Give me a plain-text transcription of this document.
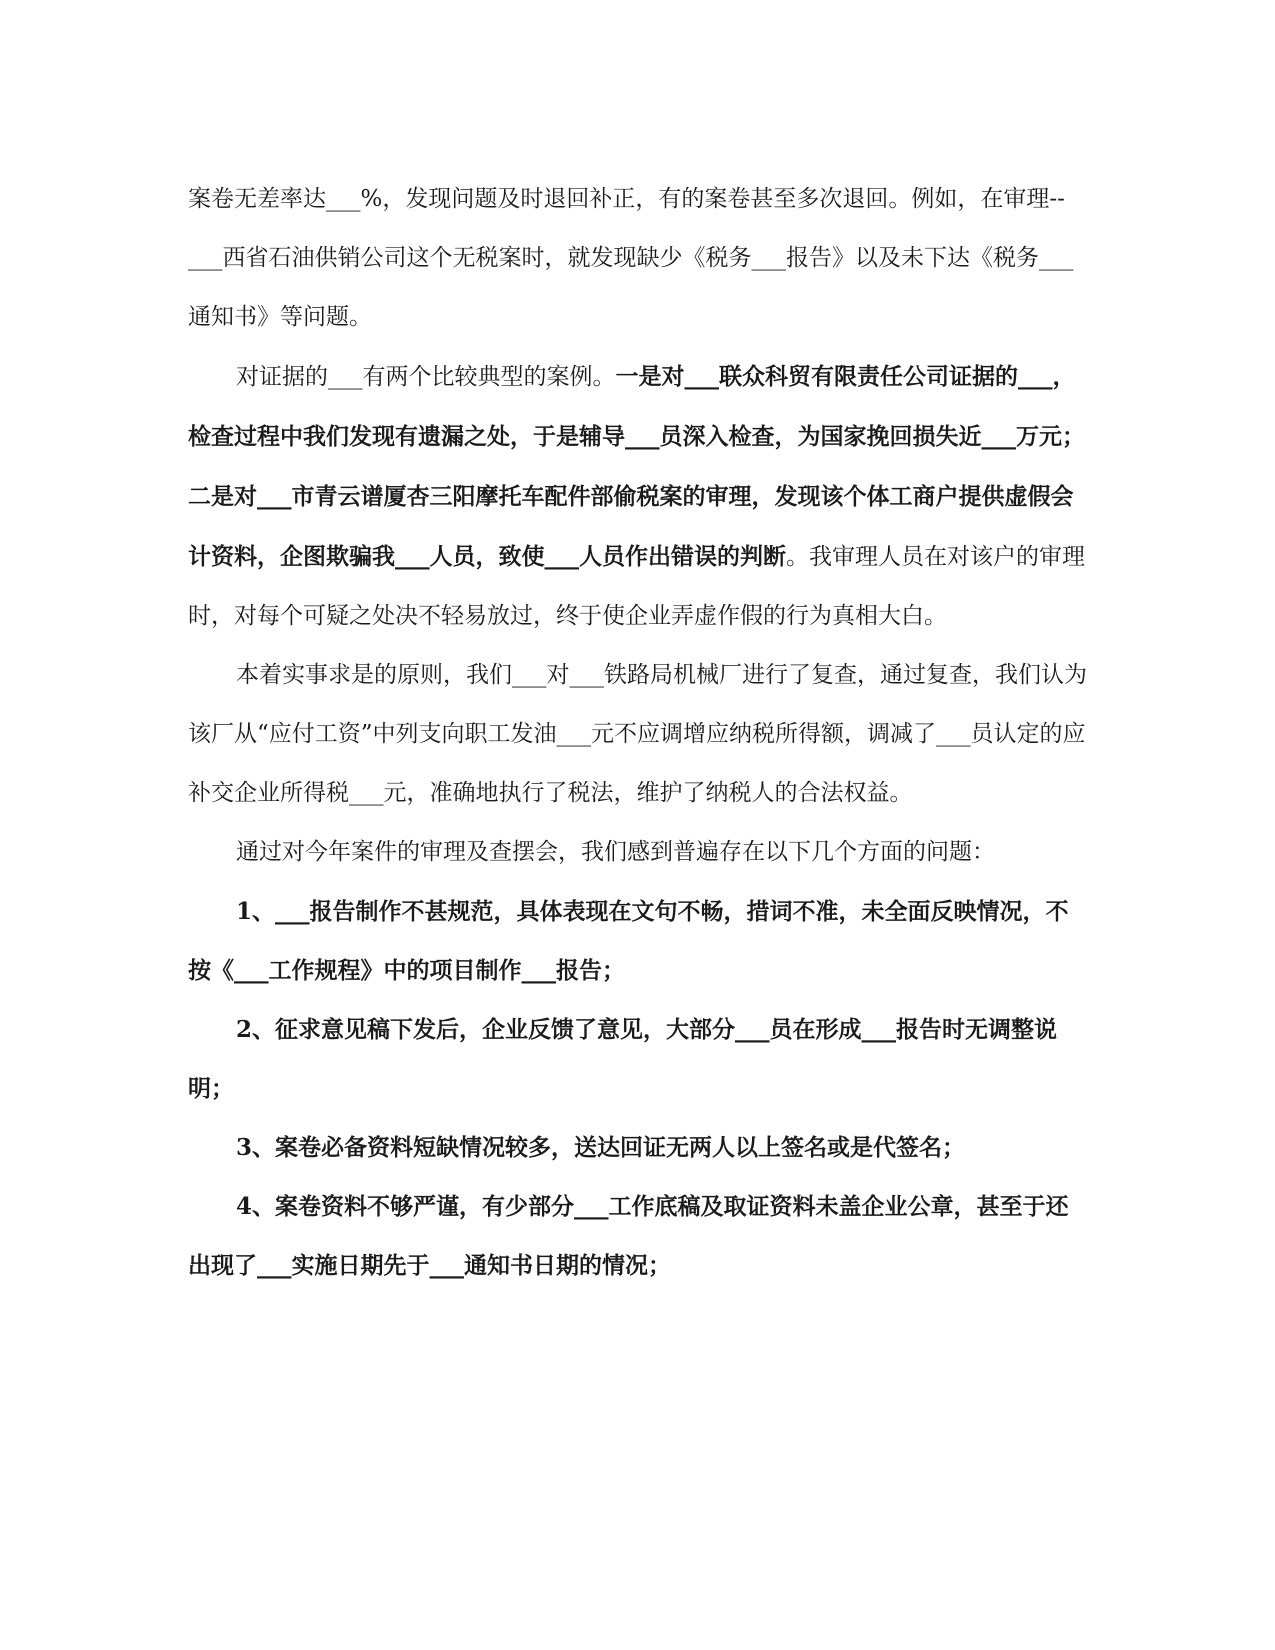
案卷无差率达___%，发现问题及时退回补正，有的案卷甚至多次退回。例如，在审理--

___西省石油供销公司这个无税案时，就发现缺少《税务___报告》以及未下达《税务___通知书》等问题。

对证据的___有两个比较典型的案例。一是对___联众科贸有限责任公司证据的___，检查过程中我们发现有遗漏之处，于是辅导___员深入检查，为国家挽回损失近___万元；二是对___市青云谱厦杏三阳摩托车配件部偷税案的审理，发现该个体工商户提供虚假会计资料，企图欺骗我___人员，致使___人员作出错误的判断。我审理人员在对该户的审理时，对每个可疑之处决不轻易放过，终于使企业弄虚作假的行为真相大白。

本着实事求是的原则，我们___对___铁路局机械厂进行了复查，通过复查，我们认为该厂从“应付工资”中列支向职工发油___元不应调增应纳税所得额，调减了___员认定的应补交企业所得税___元，准确地执行了税法，维护了纳税人的合法权益。

通过对今年案件的审理及查摆会，我们感到普遍存在以下几个方面的问题：

1、___报告制作不甚规范，具体表现在文句不畅，措词不准，未全面反映情况，不按《___工作规程》中的项目制作___报告；

2、征求意见稿下发后，企业反馈了意见，大部分___员在形成___报告时无调整说明；

3、案卷必备资料短缺情况较多，送达回证无两人以上签名或是代签名；

4、案卷资料不够严谨，有少部分___工作底稿及取证资料未盖企业公章，甚至于还出现了___实施日期先于___通知书日期的情况；
